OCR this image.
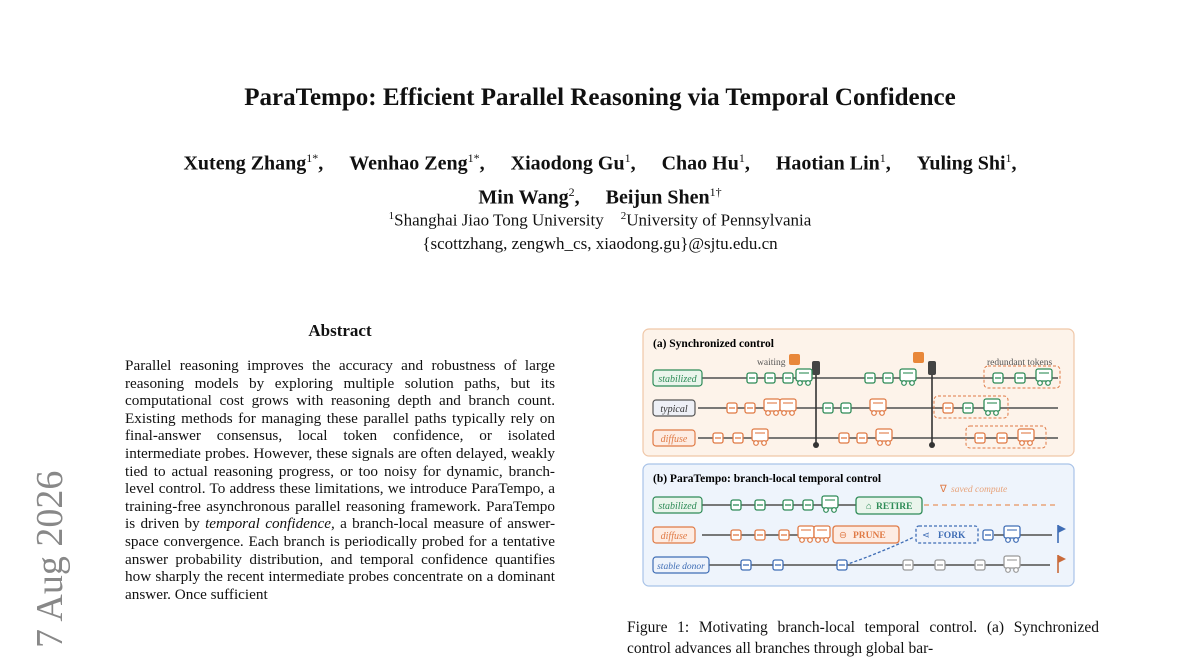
7 Aug 2026
ParaTempo: Efficient Parallel Reasoning via Temporal Confidence
Xuteng Zhang$^{1*}$, Wenhao Zeng$^{1*}$, Xiaodong Gu$^1$, Chao Hu$^1$, Haotian Lin$^1$, Yuling Shi$^1$,
Min Wang$^2$, Beijun Shen$^{1\dagger}$
$^1$Shanghai Jiao Tong University $^2$University of Pennsylvania
{scottzhang, zengwh_cs, xiaodong.gu}@sjtu.edu.cn
Abstract
Parallel reasoning improves the accuracy and robustness of large reasoning models by exploring multiple solution paths, but its computational cost grows with reasoning depth and branch count. Existing methods for managing these parallel paths typically rely on final-answer consensus, local token confidence, or isolated intermediate probes. However, these signals are often delayed, weakly tied to actual reasoning progress, or too noisy for dynamic, branch-level control. To address these limitations, we introduce ParaTempo, a training-free asynchronous parallel reasoning framework. ParaTempo is driven by temporal confidence, a branch-local measure of answer-space convergence. Each branch is periodically probed for a tentative answer probability distribution, and temporal confidence quantifies how sharply the recent intermediate probes concentrate on a dominant answer. Once sufficient
(a) Synchronized control
waiting	redundant tokens
stabilized
typical
diffuse
(b) ParaTempo: branch-local temporal control
∇ saved compute
stabilized
diffuse
stable donor
⌂ RETIRE
⊖ PRUNE	⋖ FORK
Figure 1: Motivating branch-local temporal control. (a) Synchronized control advances all branches through global bar-
